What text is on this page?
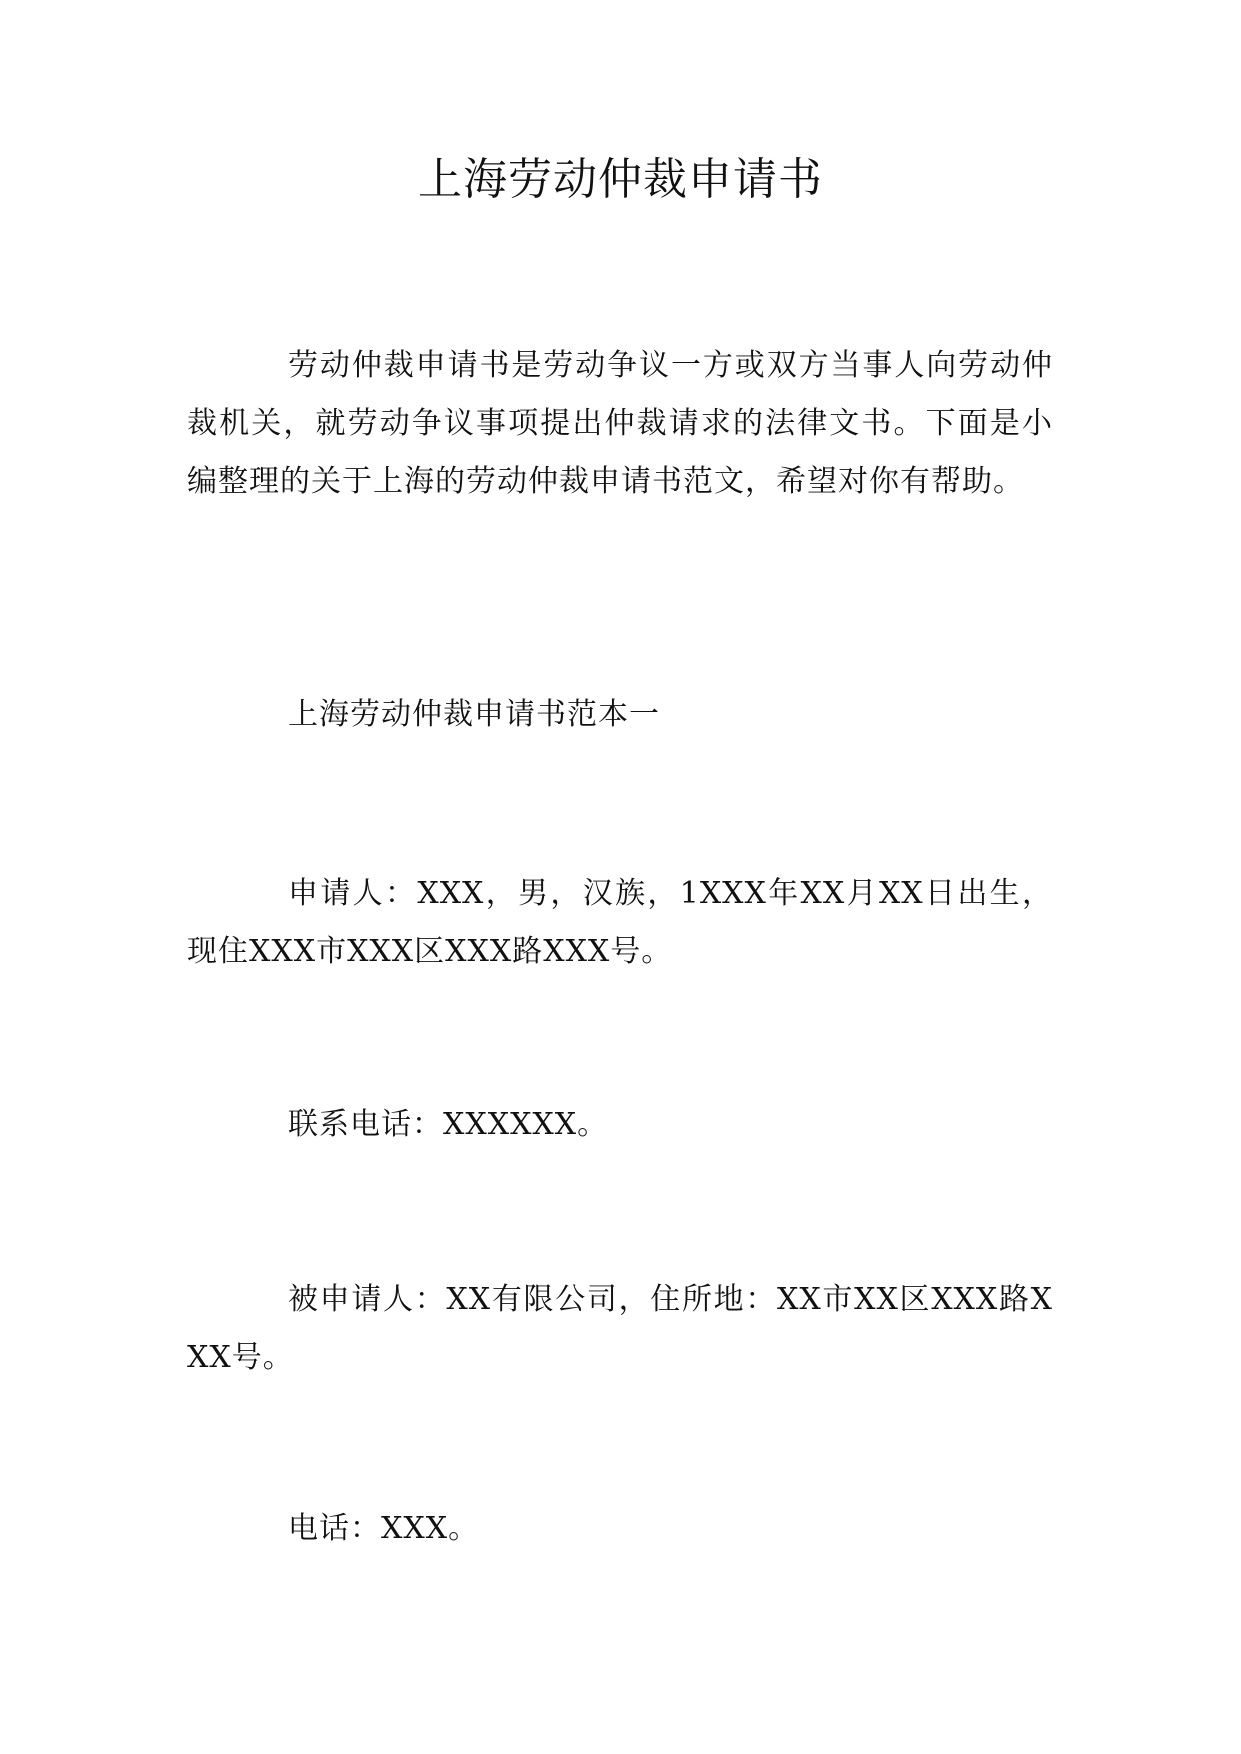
上海劳动仲裁申请书

劳动仲裁申请书是劳动争议一方或双方当事人向劳动仲裁机关，就劳动争议事项提出仲裁请求的法律文书。下面是小编整理的关于上海的劳动仲裁申请书范文，希望对你有帮助。

上海劳动仲裁申请书范本一

申请人：XXX，男，汉族，1XXX年XX月XX日出生，现住XXX市XXX区XXX路XXX号。

联系电话：XXXXXX。

被申请人：XX有限公司，住所地：XX市XX区XXX路XXX号。

电话：XXX。
